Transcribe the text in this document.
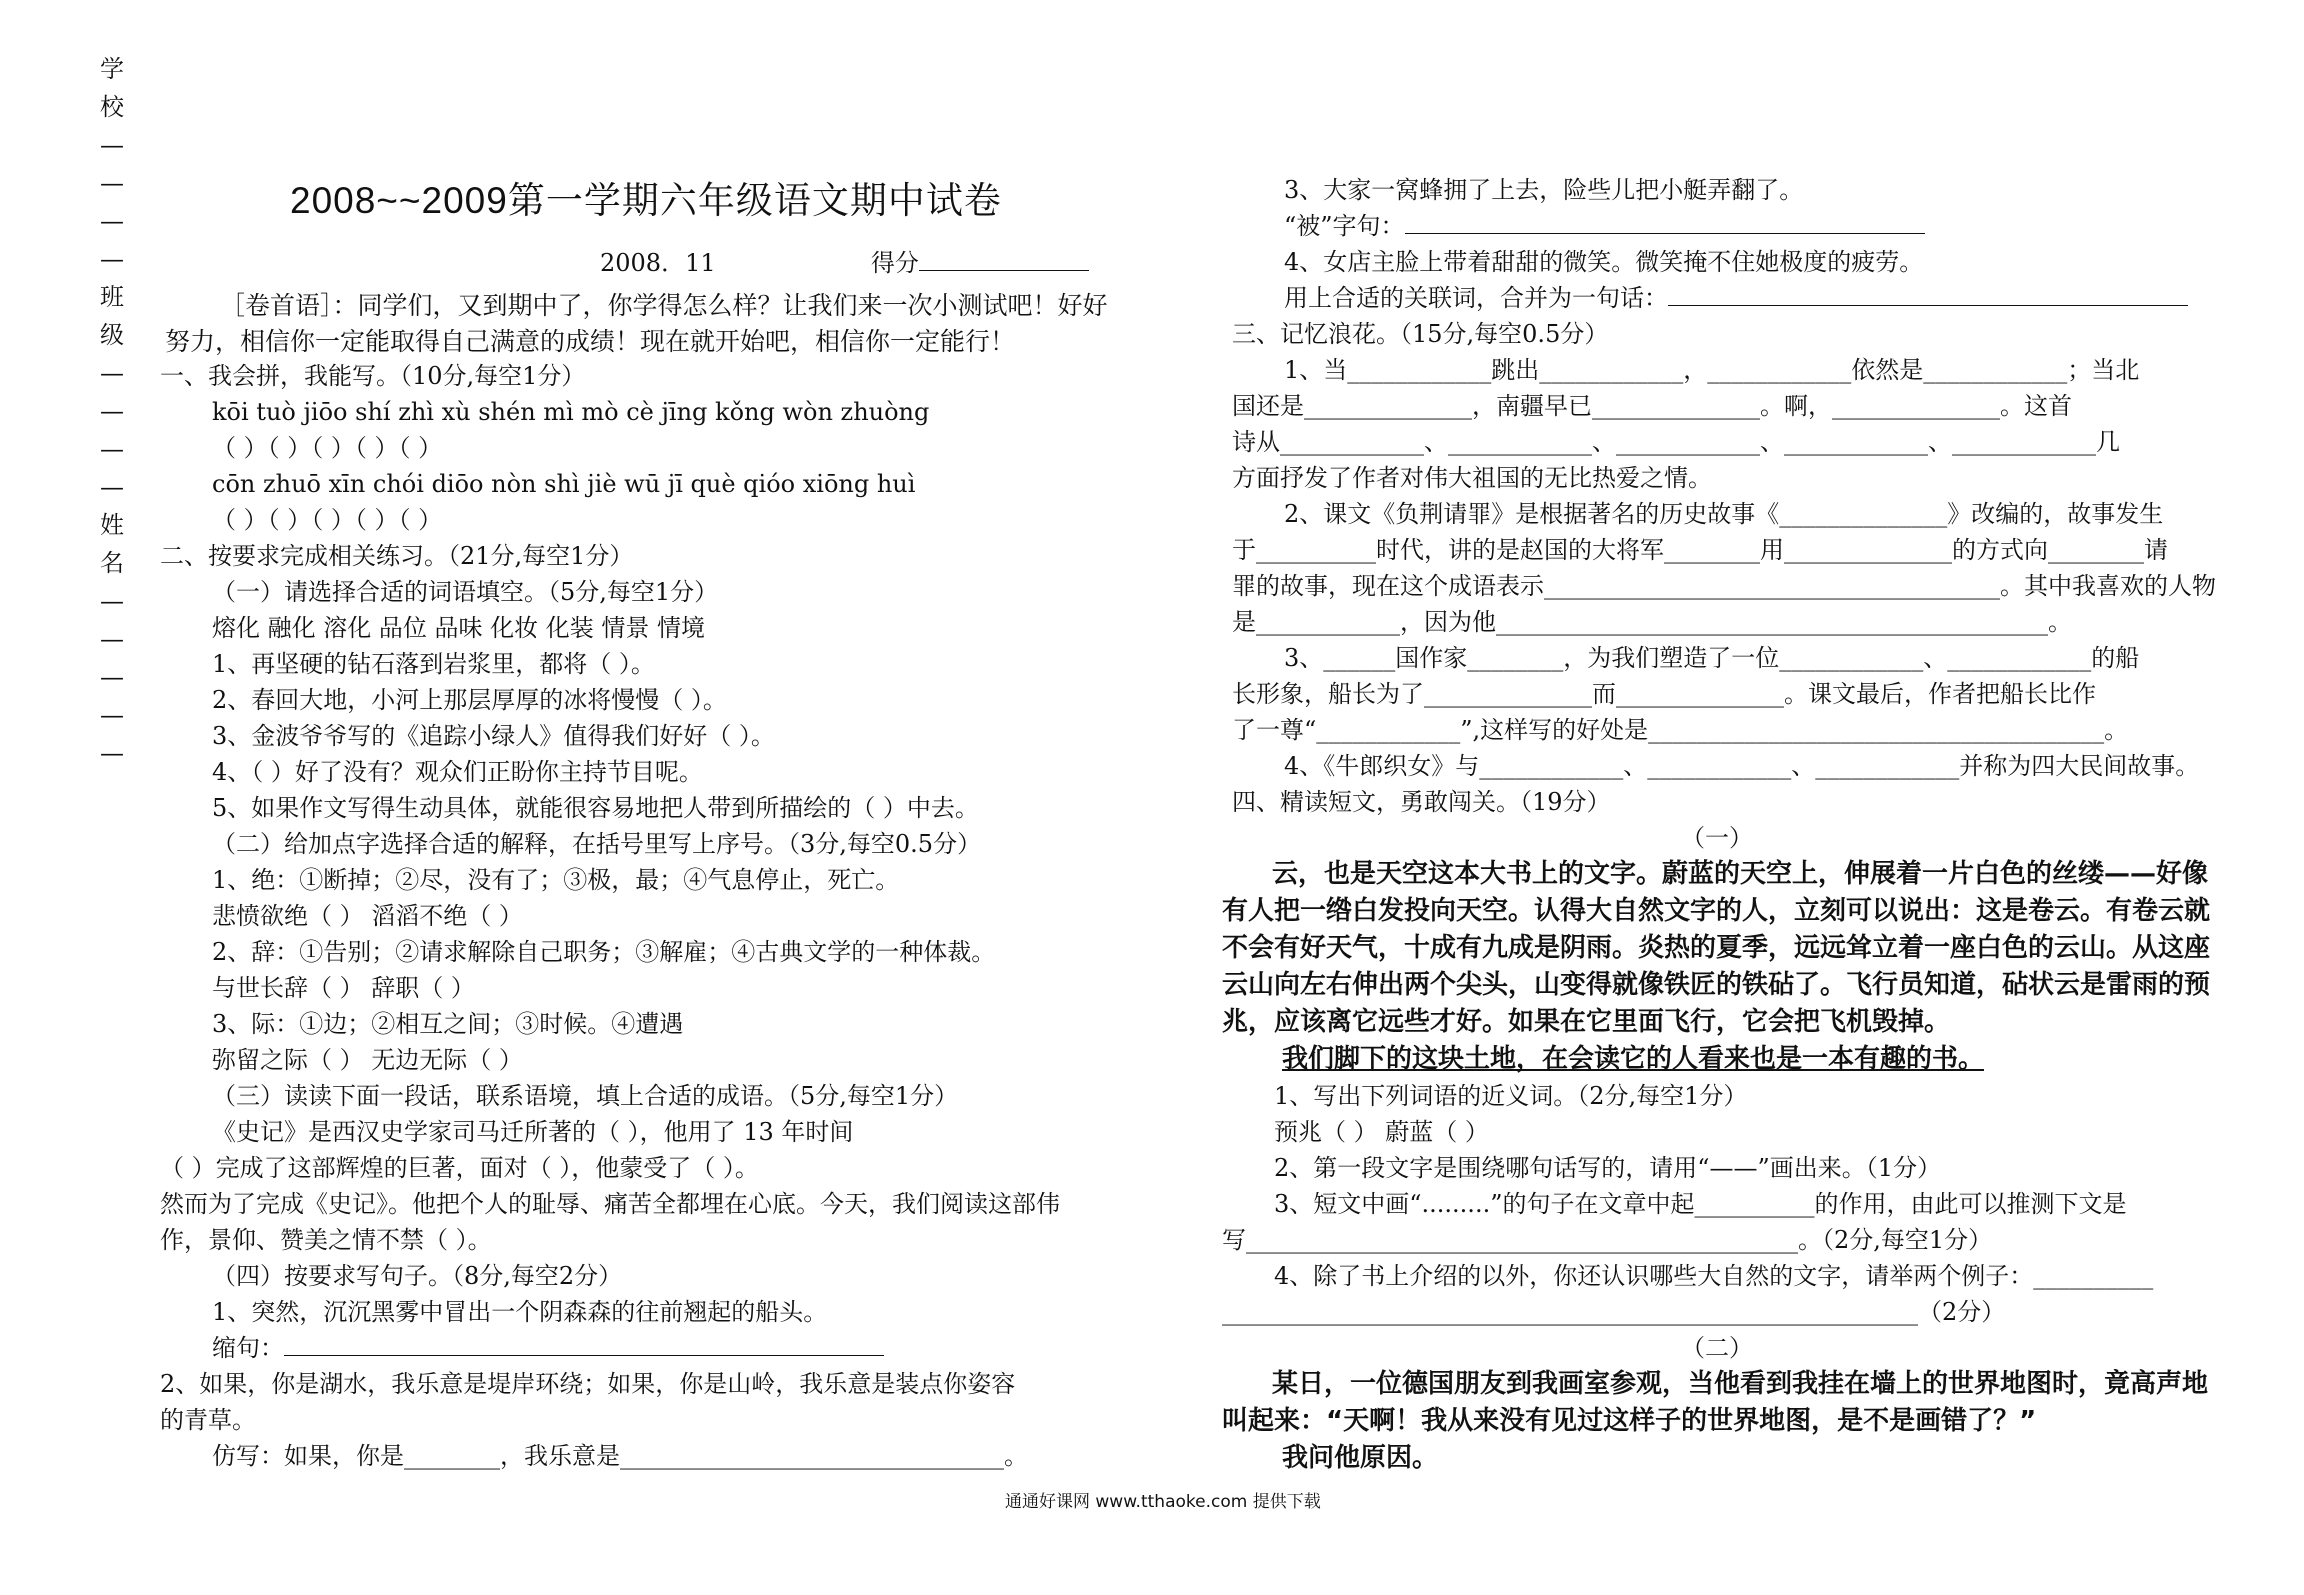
学
校
—
—
—
—
班
级
—
—
—
—
姓
名
—
—
—
—
—
2008~~2009第一学期六年级语文期中试卷
2008．11	得分
［卷首语］：同学们，又到期中了，你学得怎么样？让我们来一次小测试吧！好好努力，相信你一定能取得自己满意的成绩！现在就开始吧，相信你一定能行！
一、我会拼，我能写。（10分,每空1分）
kōi tuò jiōo shí zhì xù shén mì mò cè jīng kǒng wòn zhuòng
（ ）（ ）（ ）（ ）（ ）
cōn zhuō xīn chói diōo nòn shì jiè wū jī què qióo xiōng huì
（ ）（ ）（ ）（ ）（ ）
二、按要求完成相关练习。（21分,每空1分）
（一）请选择合适的词语填空。（5分,每空1分）
熔化 融化 溶化 品位 品味 化妆 化装 情景 情境
1、再坚硬的钻石落到岩浆里，都将（ ）。
2、春回大地，小河上那层厚厚的冰将慢慢（ ）。
3、金波爷爷写的《追踪小绿人》值得我们好好（ ）。
4、（ ）好了没有？观众们正盼你主持节目呢。
5、如果作文写得生动具体，就能很容易地把人带到所描绘的（ ）中去。
（二）给加点字选择合适的解释，在括号里写上序号。（3分,每空0.5分）
1、绝：①断掉；②尽，没有了；③极，最；④气息停止，死亡。
悲愤欲绝（ ） 滔滔不绝（ ）
2、辞：①告别；②请求解除自己职务；③解雇；④古典文学的一种体裁。
与世长辞（ ） 辞职（ ）
3、际：①边；②相互之间；③时候。④遭遇
弥留之际（ ） 无边无际（ ）
（三）读读下面一段话，联系语境，填上合适的成语。（5分,每空1分）
《史记》是西汉史学家司马迁所著的（ ），他用了 13 年时间
（ ）完成了这部辉煌的巨著，面对（ ），他蒙受了（ ）。
然而为了完成《史记》。他把个人的耻辱、痛苦全都埋在心底。今天，我们阅读这部伟
作，景仰、赞美之情不禁（ ）。
（四）按要求写句子。（8分,每空2分）
1、突然，沉沉黑雾中冒出一个阴森森的往前翘起的船头。
缩句：
2、如果，你是湖水，我乐意是堤岸环绕；如果，你是山岭，我乐意是装点你姿容
的青草。
仿写：如果，你是________，我乐意是________________________________。
3、大家一窝蜂拥了上去，险些儿把小艇弄翻了。
“被”字句：
4、女店主脸上带着甜甜的微笑。微笑掩不住她极度的疲劳。
用上合适的关联词，合并为一句话：
三、记忆浪花。（15分,每空0.5分）
1、当____________跳出____________，____________依然是____________；当北
国还是______________，南疆早已______________。啊，______________。这首
诗从____________、____________、____________、____________、____________几
方面抒发了作者对伟大祖国的无比热爱之情。
2、课文《负荆请罪》是根据著名的历史故事《______________》改编的，故事发生
于__________时代，讲的是赵国的大将军________用______________的方式向________请
罪的故事，现在这个成语表示______________________________________。其中我喜欢的人物
是____________，因为他______________________________________________。
3、______国作家________，为我们塑造了一位____________、____________的船
长形象，船长为了______________而______________。课文最后，作者把船长比作
了一尊“____________”,这样写的好处是______________________________________。
4、《牛郎织女》与____________、____________、____________并称为四大民间故事。
四、精读短文，勇敢闯关。（19分）
（一）
云，也是天空这本大书上的文字。蔚蓝的天空上，伸展着一片白色的丝缕——好像有人把一绺白发投向天空。认得大自然文字的人，立刻可以说出：这是卷云。有卷云就不会有好天气，十成有九成是阴雨。炎热的夏季，远远耸立着一座白色的云山。从这座云山向左右伸出两个尖头，山变得就像铁匠的铁砧了。飞行员知道，砧状云是雷雨的预兆，应该离它远些才好。如果在它里面飞行，它会把飞机毁掉。
我们脚下的这块土地，在会读它的人看来也是一本有趣的书。
1、写出下列词语的近义词。（2分,每空1分）
预兆（ ） 蔚蓝（ ）
2、第一段文字是围绕哪句话写的，请用“——”画出来。（1分）
3、短文中画“.........”的句子在文章中起__________的作用，由此可以推测下文是
写______________________________________________。（2分,每空1分）
4、除了书上介绍的以外，你还认识哪些大自然的文字，请举两个例子：__________
__________________________________________________________（2分）
（二）
某日，一位德国朋友到我画室参观，当他看到我挂在墙上的世界地图时，竟高声地叫起来：“天啊！我从来没有见过这样子的世界地图，是不是画错了？”
我问他原因。
通通好课网 www.tthaoke.com 提供下载
